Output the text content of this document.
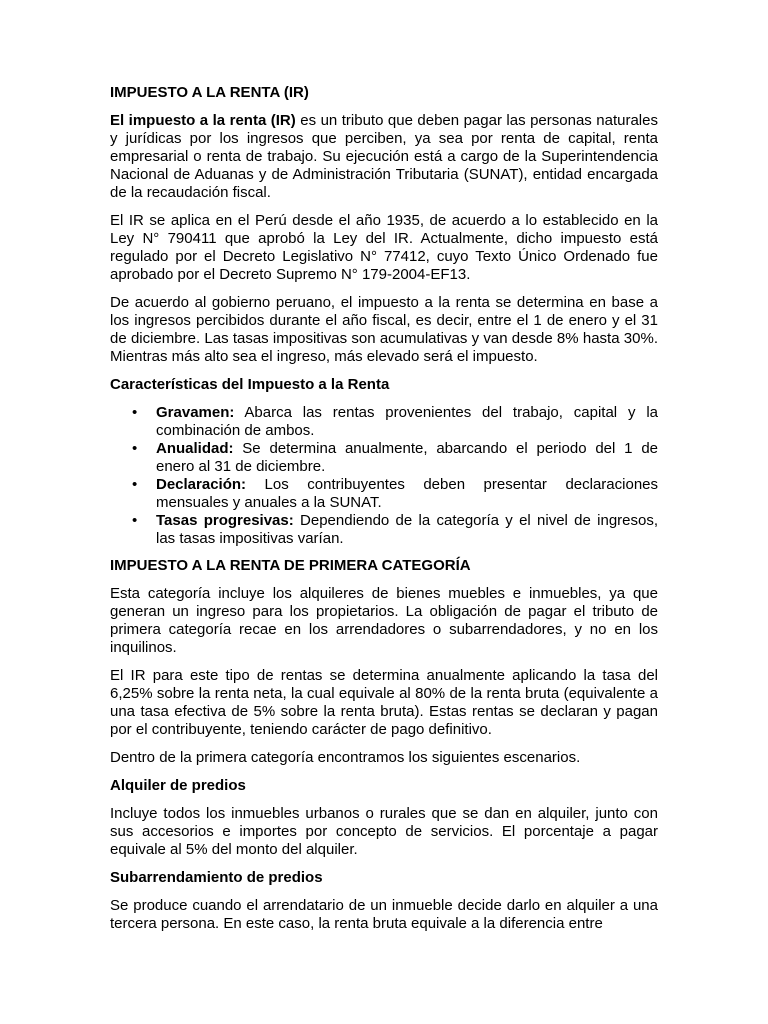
IMPUESTO A LA RENTA (IR)

El impuesto a la renta (IR) es un tributo que deben pagar las personas naturales y jurídicas por los ingresos que perciben, ya sea por renta de capital, renta empresarial o renta de trabajo. Su ejecución está a cargo de la Superintendencia Nacional de Aduanas y de Administración Tributaria (SUNAT), entidad encargada de la recaudación fiscal.

El IR se aplica en el Perú desde el año 1935, de acuerdo a lo establecido en la Ley N° 790411 que aprobó la Ley del IR. Actualmente, dicho impuesto está regulado por el Decreto Legislativo N° 77412, cuyo Texto Único Ordenado fue aprobado por el Decreto Supremo N° 179-2004-EF13.

De acuerdo al gobierno peruano, el impuesto a la renta se determina en base a los ingresos percibidos durante el año fiscal, es decir, entre el 1 de enero y el 31 de diciembre. Las tasas impositivas son acumulativas y van desde 8% hasta 30%. Mientras más alto sea el ingreso, más elevado será el impuesto.

Características del Impuesto a la Renta
• Gravamen: Abarca las rentas provenientes del trabajo, capital y la combinación de ambos.
• Anualidad: Se determina anualmente, abarcando el periodo del 1 de enero al 31 de diciembre.
• Declaración: Los contribuyentes deben presentar declaraciones mensuales y anuales a la SUNAT.
• Tasas progresivas: Dependiendo de la categoría y el nivel de ingresos, las tasas impositivas varían.
IMPUESTO A LA RENTA DE PRIMERA CATEGORÍA

Esta categoría incluye los alquileres de bienes muebles e inmuebles, ya que generan un ingreso para los propietarios. La obligación de pagar el tributo de primera categoría recae en los arrendadores o subarrendadores, y no en los inquilinos.

El IR para este tipo de rentas se determina anualmente aplicando la tasa del 6,25% sobre la renta neta, la cual equivale al 80% de la renta bruta (equivalente a una tasa efectiva de 5% sobre la renta bruta). Estas rentas se declaran y pagan por el contribuyente, teniendo carácter de pago definitivo.

Dentro de la primera categoría encontramos los siguientes escenarios.

Alquiler de predios

Incluye todos los inmuebles urbanos o rurales que se dan en alquiler, junto con sus accesorios e importes por concepto de servicios. El porcentaje a pagar equivale al 5% del monto del alquiler.

Subarrendamiento de predios

Se produce cuando el arrendatario de un inmueble decide darlo en alquiler a una tercera persona. En este caso, la renta bruta equivale a la diferencia entre
